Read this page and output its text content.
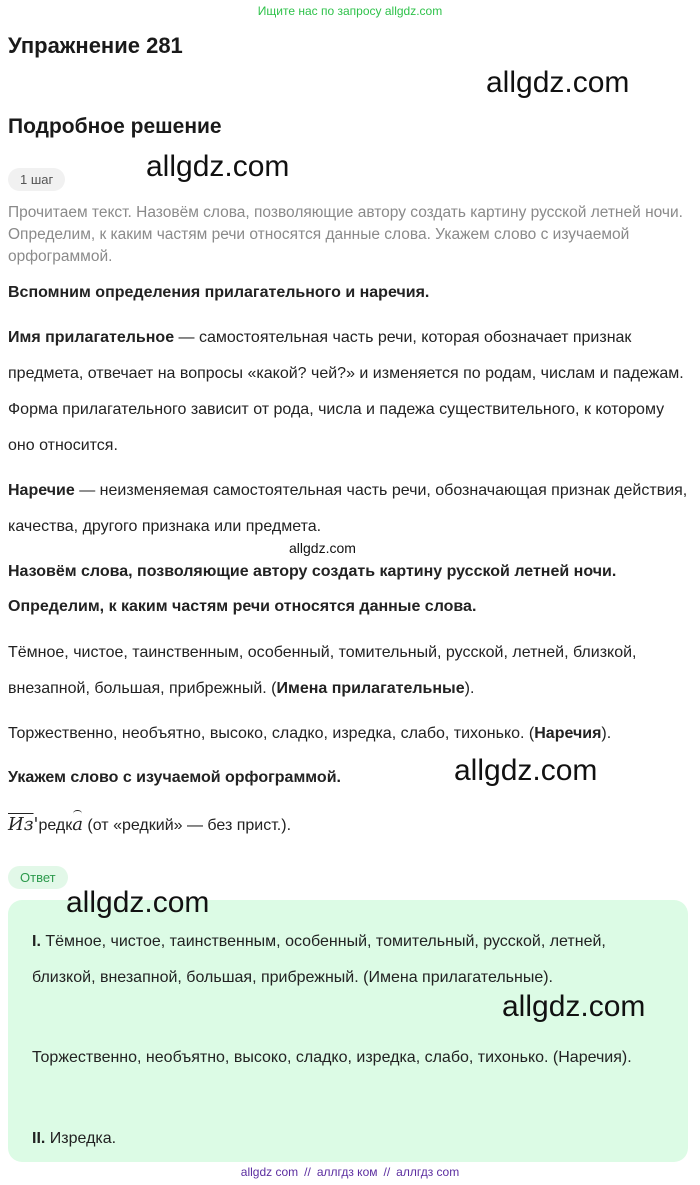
Ищите нас по запросу allgdz.com
Упражнение 281
allgdz.com
Подробное решение
allgdz.com
1 шаг

Прочитаем текст. Назовём слова, позволяющие автору создать картину русской летней ночи. Определим, к каким частям речи относятся данные слова. Укажем слово с изучаемой орфограммой.

Вспомним определения прилагательного и наречия.

Имя прилагательное — самостоятельная часть речи, которая обозначает признак предмета, отвечает на вопросы «какой? чей?» и изменяется по родам, числам и падежам. Форма прилагательного зависит от рода, числа и падежа существительного, к которому оно относится.

Наречие — неизменяемая самостоятельная часть речи, обозначающая признак действия, качества, другого признака или предмета.

allgdz.com

Назовём слова, позволяющие автору создать картину русской летней ночи.

Определим, к каким частям речи относятся данные слова.

Тёмное, чистое, таинственным, особенный, томительный, русской, летней, близкой, внезапной, большая, прибрежный. (Имена прилагательные).

Торжественно, необъятно, высоко, сладко, изредка, слабо, тихонько. (Наречия).

Укажем слово с изучаемой орфограммой.	allgdz.com

Из'редка (от «редкий» — без прист.).

Ответ
allgdz.com

I. Тёмное, чистое, таинственным, особенный, томительный, русской, летней, близкой, внезапной, большая, прибрежный. (Имена прилагательные).

allgdz.com

Торжественно, необъятно, высоко, сладко, изредка, слабо, тихонько. (Наречия).

II. Изредка.

allgdz com // аллгдз ком // аллгдз com
